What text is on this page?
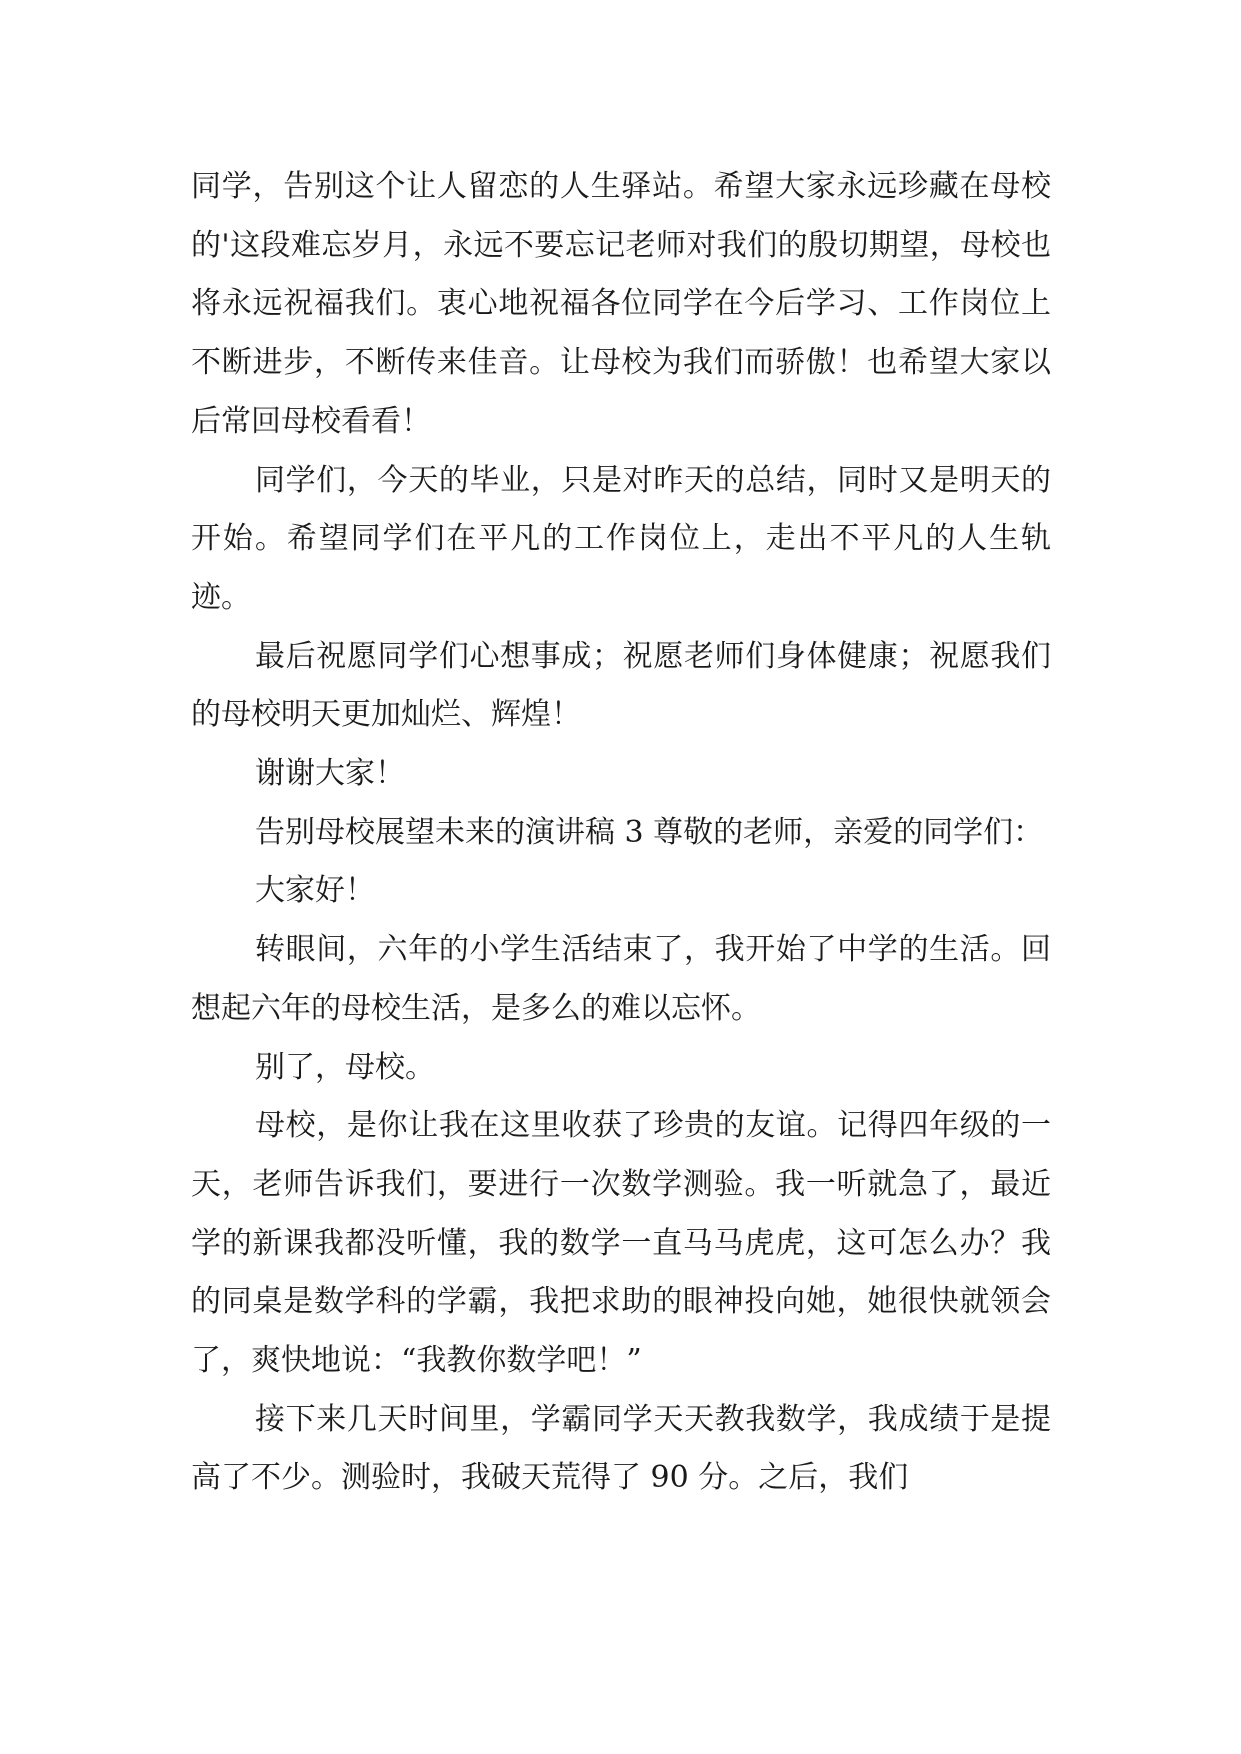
同学，告别这个让人留恋的人生驿站。希望大家永远珍藏在母校的'这段难忘岁月，永远不要忘记老师对我们的殷切期望，母校也将永远祝福我们。衷心地祝福各位同学在今后学习、工作岗位上不断进步，不断传来佳音。让母校为我们而骄傲！也希望大家以后常回母校看看！

同学们，今天的毕业，只是对昨天的总结，同时又是明天的开始。希望同学们在平凡的工作岗位上，走出不平凡的人生轨迹。

最后祝愿同学们心想事成；祝愿老师们身体健康；祝愿我们的母校明天更加灿烂、辉煌！

谢谢大家！

告别母校展望未来的演讲稿 3 尊敬的老师，亲爱的同学们：

大家好！

转眼间，六年的小学生活结束了，我开始了中学的生活。回想起六年的母校生活，是多么的难以忘怀。

别了，母校。

母校，是你让我在这里收获了珍贵的友谊。记得四年级的一天，老师告诉我们，要进行一次数学测验。我一听就急了，最近学的新课我都没听懂，我的数学一直马马虎虎，这可怎么办？我的同桌是数学科的学霸，我把求助的眼神投向她，她很快就领会了，爽快地说：“我教你数学吧！”

接下来几天时间里，学霸同学天天教我数学，我成绩于是提高了不少。测验时，我破天荒得了 90 分。之后，我们
